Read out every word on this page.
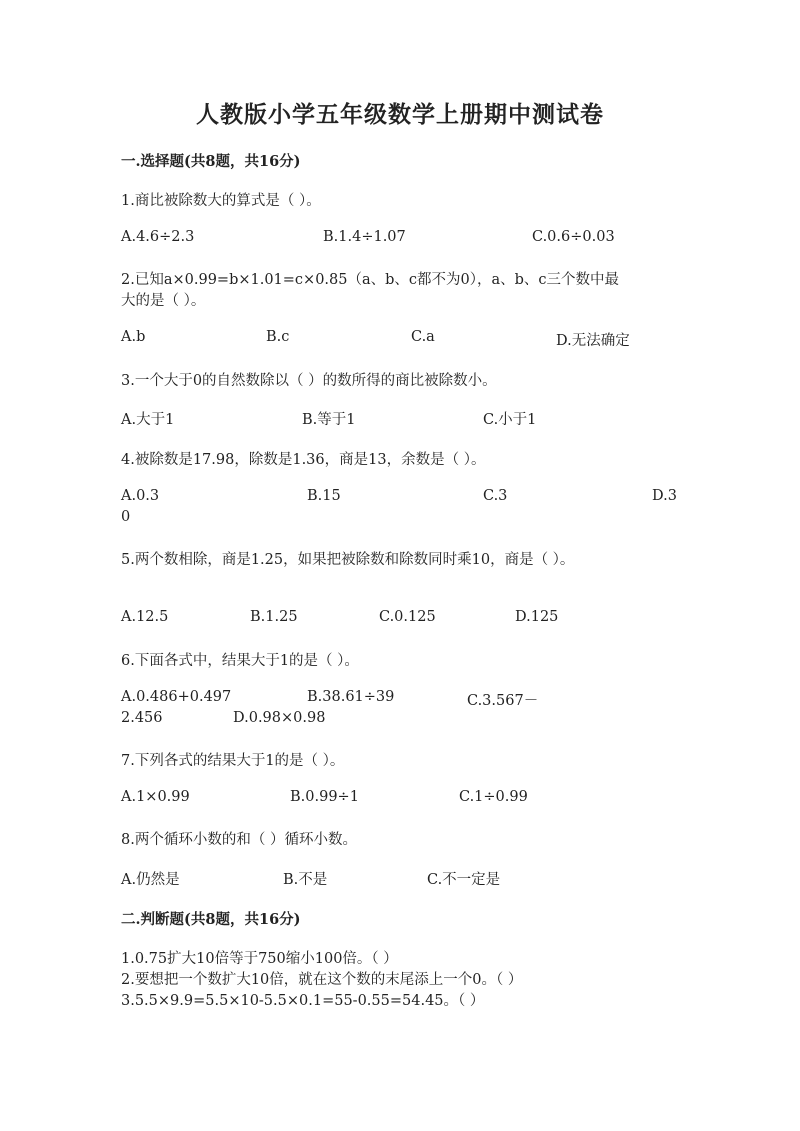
人教版小学五年级数学上册期中测试卷
一.选择题(共8题，共16分)
1.商比被除数大的算式是（ ）。
A.4.6÷2.3	B.1.4÷1.07	C.0.6÷0.03
2.已知a×0.99=b×1.01=c×0.85（a、b、c都不为0），a、b、c三个数中最
大的是（ ）。
A.b	B.c	C.a	D.无法确定
3.一个大于0的自然数除以（ ）的数所得的商比被除数小。
A.大于1	B.等于1	C.小于1
4.被除数是17.98，除数是1.36，商是13，余数是（ ）。
A.0.3	B.15	C.3	D.3
0
5.两个数相除，商是1.25，如果把被除数和除数同时乘10，商是（ ）。
A.12.5	B.1.25	C.0.125	D.125
6.下面各式中，结果大于1的是（ ）。
A.0.486+0.497	B.38.61÷39	C.3.567－
2.456	D.0.98×0.98
7.下列各式的结果大于1的是（ ）。
A.1×0.99	B.0.99÷1	C.1÷0.99
8.两个循环小数的和（ ）循环小数。
A.仍然是	B.不是	C.不一定是
二.判断题(共8题，共16分)
1.0.75扩大10倍等于750缩小100倍。（ ）
2.要想把一个数扩大10倍，就在这个数的末尾添上一个0。（ ）
3.5.5×9.9=5.5×10-5.5×0.1=55-0.55=54.45。（ ）
